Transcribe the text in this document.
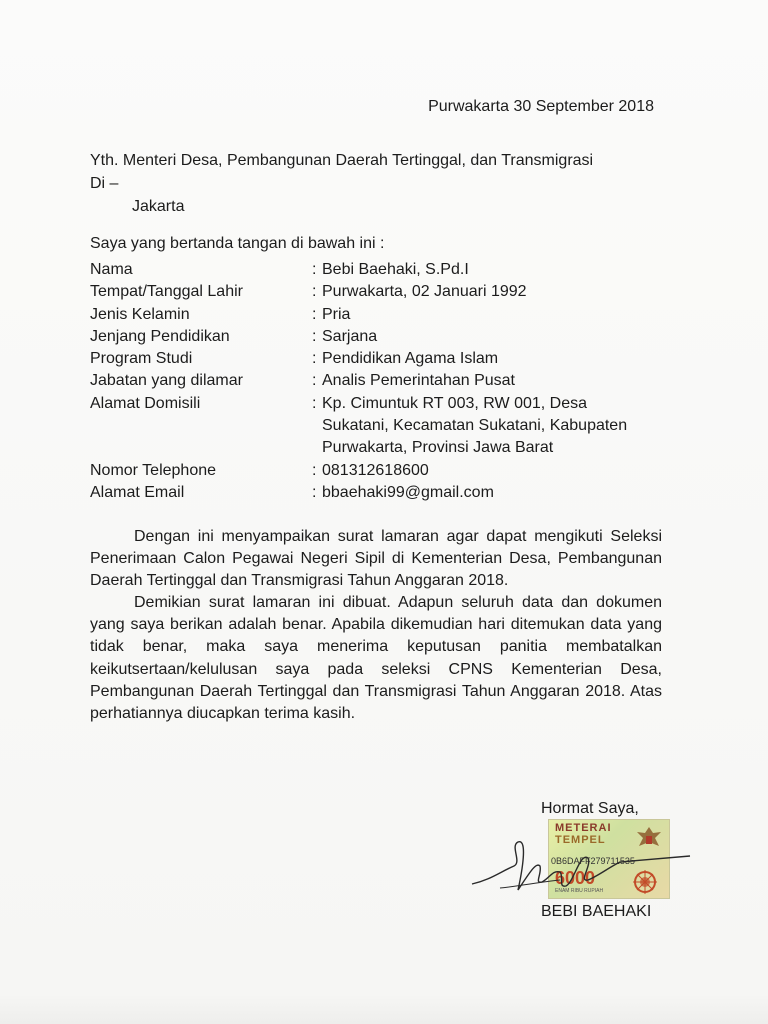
Purwakarta 30 September 2018
Yth. Menteri Desa, Pembangunan Daerah Tertinggal, dan Transmigrasi
Di –
Jakarta
Saya yang bertanda tangan di bawah ini :
Nama	: Bebi Baehaki, S.Pd.I
Tempat/Tanggal Lahir	: Purwakarta, 02 Januari 1992
Jenis Kelamin	: Pria
Jenjang Pendidikan	: Sarjana
Program Studi	: Pendidikan Agama Islam
Jabatan yang dilamar	: Analis Pemerintahan Pusat
Alamat Domisili	: Kp. Cimuntuk RT 003, RW 001, Desa Sukatani, Kecamatan Sukatani, Kabupaten Purwakarta, Provinsi Jawa Barat
Nomor Telephone	: 081312618600
Alamat Email	: bbaehaki99@gmail.com
Dengan ini menyampaikan surat lamaran agar dapat mengikuti Seleksi Penerimaan Calon Pegawai Negeri Sipil di Kementerian Desa, Pembangunan Daerah Tertinggal dan Transmigrasi Tahun Anggaran 2018.
Demikian surat lamaran ini dibuat. Adapun seluruh data dan dokumen yang saya berikan adalah benar. Apabila dikemudian hari ditemukan data yang tidak benar, maka saya menerima keputusan panitia membatalkan keikutsertaan/kelulusan saya pada seleksi CPNS Kementerian Desa, Pembangunan Daerah Tertinggal dan Transmigrasi Tahun Anggaran 2018. Atas perhatiannya diucapkan terima kasih.
Hormat Saya,
METERAI
TEMPEL
0B6DAFF279711535
6000
ENAM RIBU RUPIAH
BEBI BAEHAKI
